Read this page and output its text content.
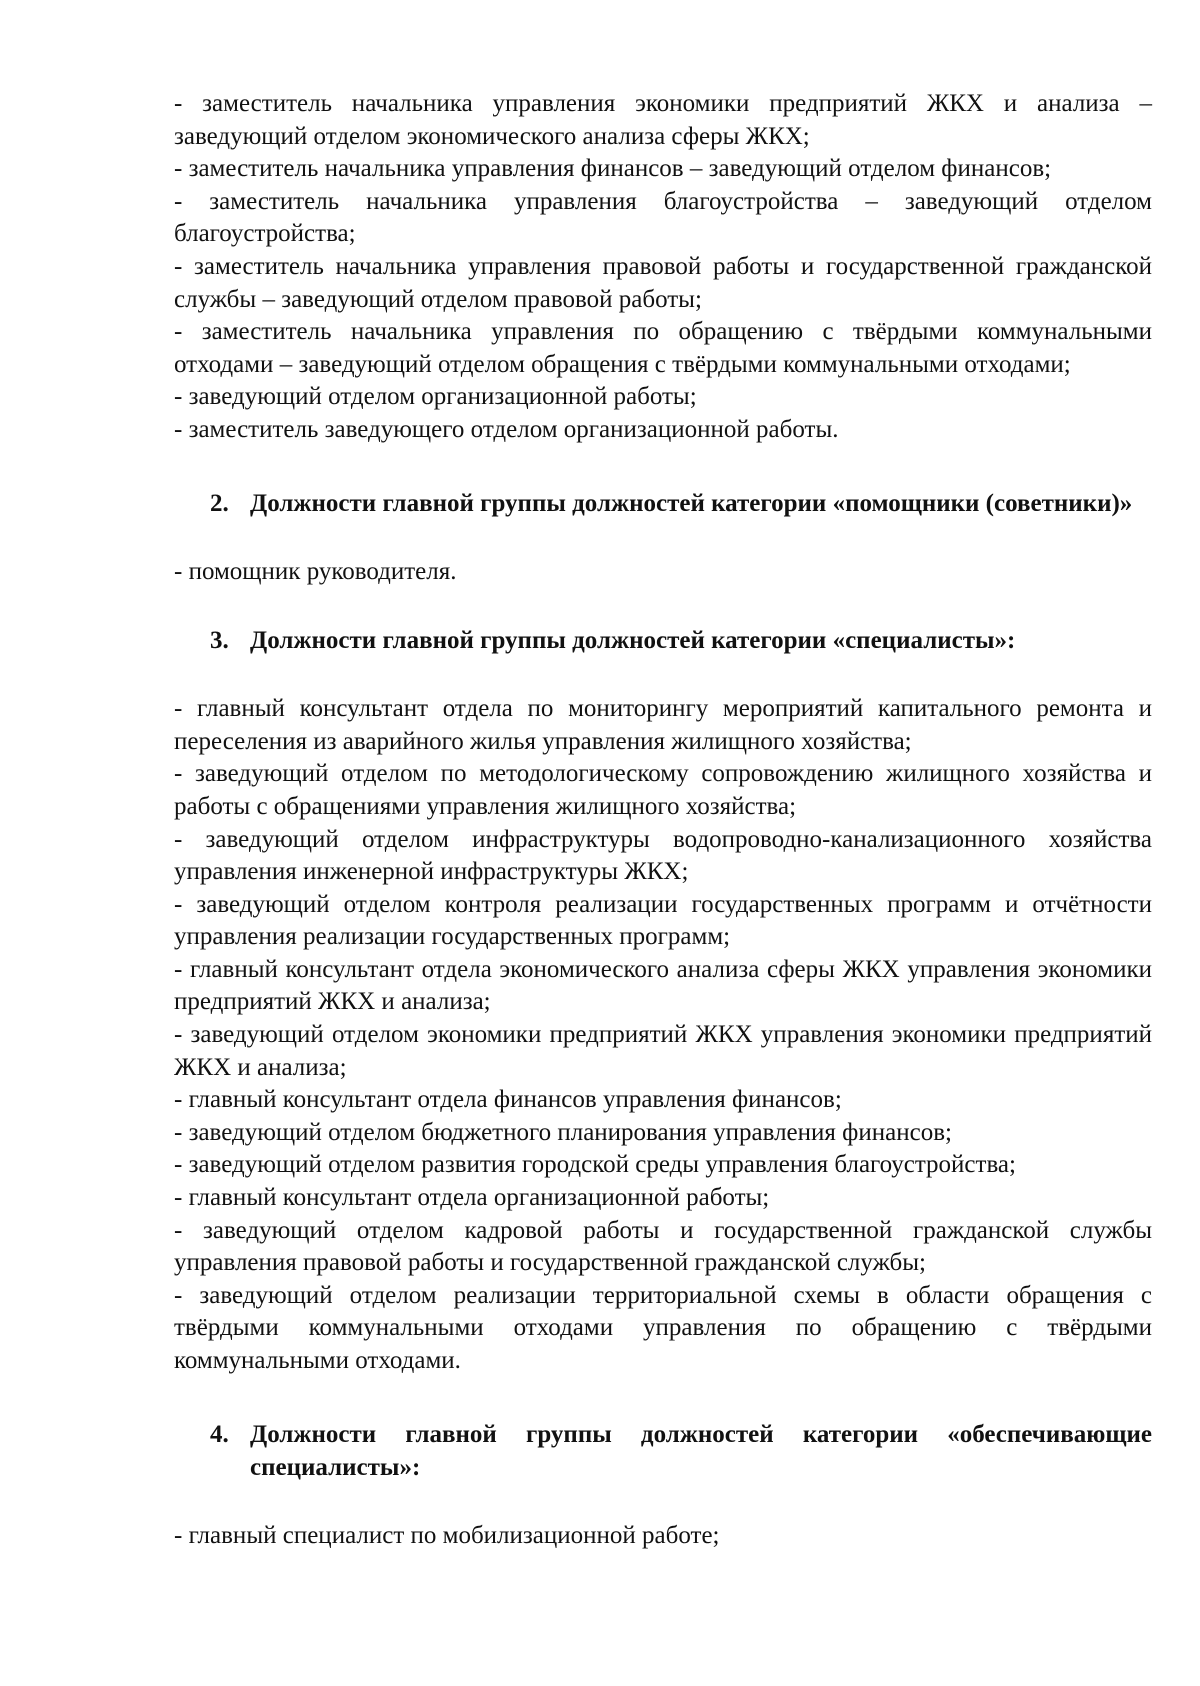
- заместитель начальника управления экономики предприятий ЖКХ и анализа – заведующий отделом экономического анализа сферы ЖКХ;

- заместитель начальника управления финансов – заведующий отделом финансов;

- заместитель начальника управления благоустройства – заведующий отделом благоустройства;

- заместитель начальника управления правовой работы и государственной гражданской службы – заведующий отделом правовой работы;

- заместитель начальника управления по обращению с твёрдыми коммунальными отходами – заведующий отделом обращения с твёрдыми коммунальными отходами;

- заведующий отделом организационной работы;

- заместитель заведующего отделом организационной работы.

2. Должности главной группы должностей категории «помощники (советники)»

- помощник руководителя.

3. Должности главной группы должностей категории «специалисты»:

- главный консультант отдела по мониторингу мероприятий капитального ремонта и переселения из аварийного жилья управления жилищного хозяйства;

- заведующий отделом по методологическому сопровождению жилищного хозяйства и работы с обращениями управления жилищного хозяйства;

- заведующий отделом инфраструктуры водопроводно-канализационного хозяйства управления инженерной инфраструктуры ЖКХ;

- заведующий отделом контроля реализации государственных программ и отчётности управления реализации государственных программ;

- главный консультант отдела экономического анализа сферы ЖКХ управления экономики предприятий ЖКХ и анализа;

- заведующий отделом экономики предприятий ЖКХ управления экономики предприятий ЖКХ и анализа;

- главный консультант отдела финансов управления финансов;

- заведующий отделом бюджетного планирования управления финансов;

- заведующий отделом развития городской среды управления благоустройства;

- главный консультант отдела организационной работы;

- заведующий отделом кадровой работы и государственной гражданской службы управления правовой работы и государственной гражданской службы;

- заведующий отделом реализации территориальной схемы в области обращения с твёрдыми коммунальными отходами управления по обращению с твёрдыми коммунальными отходами.

4. Должности главной группы должностей категории «обеспечивающие специалисты»:

- главный специалист по мобилизационной работе;
